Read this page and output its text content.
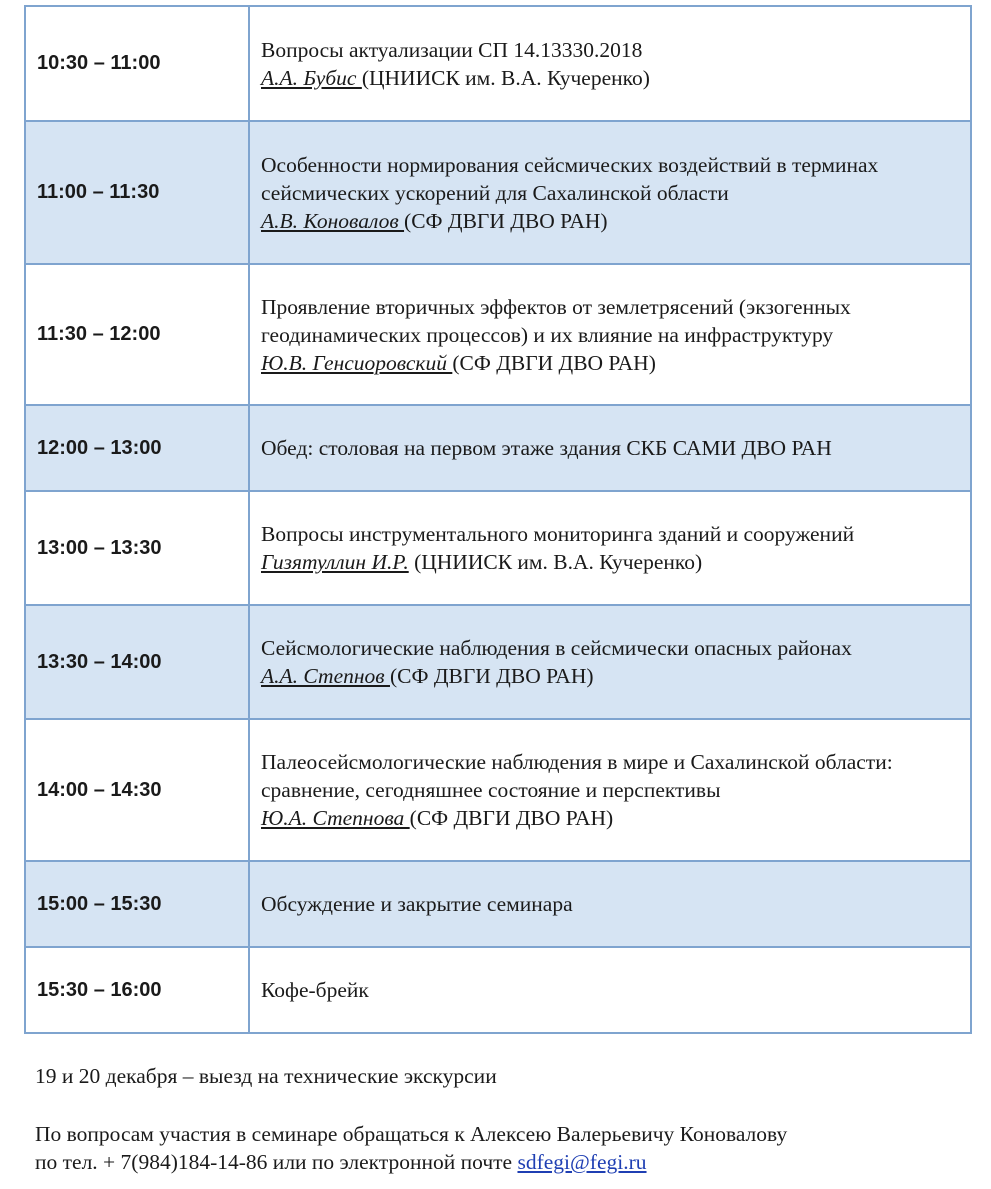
10:30 – 11:00	Вопросы актуализации СП 14.13330.2018
А.А. Бубис (ЦНИИСК им. В.А. Кучеренко)

11:00 – 11:30	Особенности нормирования сейсмических воздействий в терминах сейсмических ускорений для Сахалинской области
А.В. Коновалов (СФ ДВГИ ДВО РАН)

11:30 – 12:00	Проявление вторичных эффектов от землетрясений (экзогенных геодинамических процессов) и их влияние на инфраструктуру
Ю.В. Генсиоровский (СФ ДВГИ ДВО РАН)

12:00 – 13:00	Обед: столовая на первом этаже здания СКБ САМИ ДВО РАН

13:00 – 13:30	Вопросы инструментального мониторинга зданий и сооружений
Гизятуллин И.Р. (ЦНИИСК им. В.А. Кучеренко)

13:30 – 14:00	Сейсмологические наблюдения в сейсмически опасных районах
А.А. Степнов (СФ ДВГИ ДВО РАН)

14:00 – 14:30	Палеосейсмологические наблюдения в мире и Сахалинской области: сравнение, сегодняшнее состояние и перспективы
Ю.А. Степнова (СФ ДВГИ ДВО РАН)

15:00 – 15:30	Обсуждение и закрытие семинара

15:30 – 16:00	Кофе-брейк
19 и 20 декабря – выезд на технические экскурсии
По вопросам участия в семинаре обращаться к Алексею Валерьевичу Коновалову
по тел. + 7(984)184-14-86 или по электронной почте sdfegi@fegi.ru
